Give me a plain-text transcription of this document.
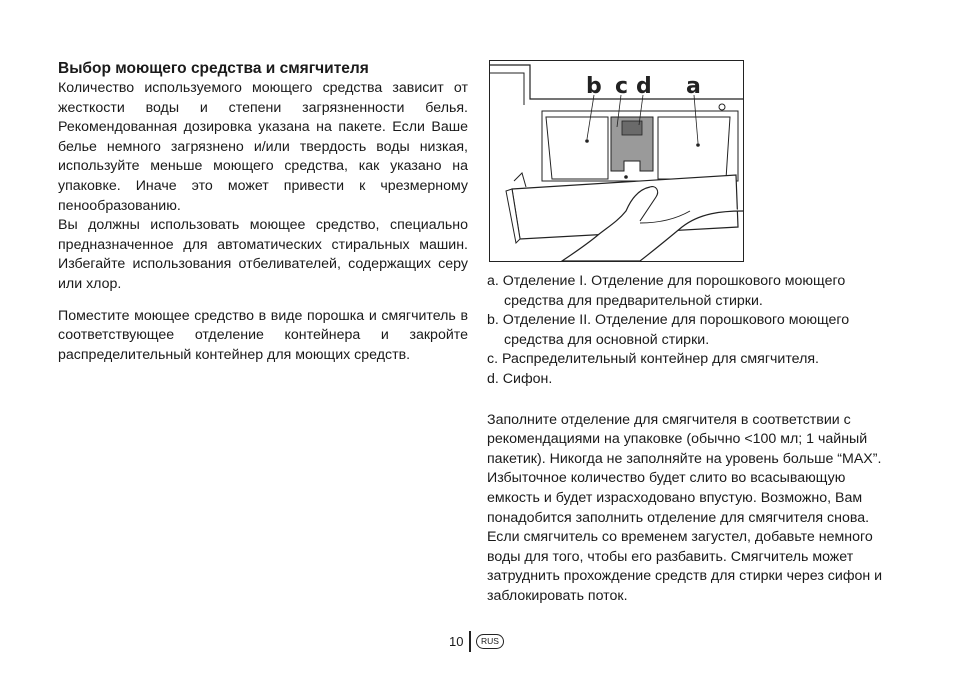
Выбор моющего средства и смягчителя

Количество используемого моющего средства зависит от жесткости воды и степени загрязненности белья. Рекомендованная дозировка указана на пакете. Если Ваше белье немного загрязнено и/или твердость воды низкая, используйте меньше моющего средства, как указано на упаковке. Иначе это может привести к чрезмерному пенообразованию.

Вы должны использовать моющее средство, специально предназначенное для автоматических стиральных машин. Избегайте использования отбеливателей, содержащих серу или хлор.

Поместите моющее средство в виде порошка и смягчитель в соответствующее отделение контейнера и закройте распределительный контейнер для моющих средств.

b c d a

a. Отделение I. Отделение для порошкового моющего средства для предварительной стирки.

b. Отделение II. Отделение для порошкового моющего средства для основной стирки.

c. Распределительный контейнер для смягчителя.

d. Сифон.

Заполните отделение для смягчителя в соответствии с рекомендациями на упаковке (обычно <100 мл; 1 чайный пакетик). Никогда не заполняйте на уровень больше “MAX”. Избыточное количество будет слито во всасывающую емкость и будет израсходовано впустую. Возможно, Вам понадобится заполнить отделение для смягчителя снова. Если смягчитель со временем загустел, добавьте немного воды для того, чтобы его разбавить. Смягчитель может затруднить прохождение средств для стирки через сифон и заблокировать поток.

10	RUS
